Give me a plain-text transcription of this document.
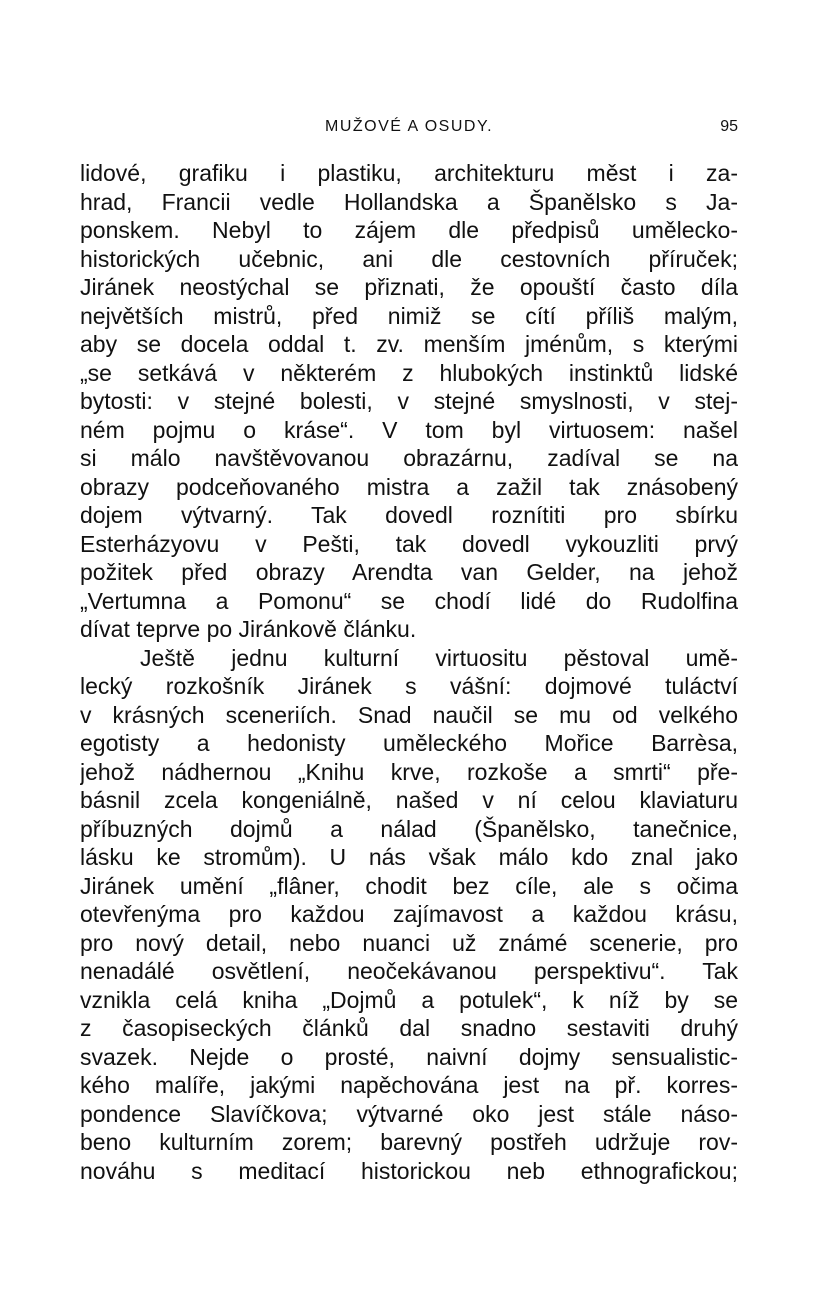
MUŽOVÉ A OSUDY.	95
lidové, grafiku i plastiku, architekturu měst i za-
hrad, Francii vedle Hollandska a Španělsko s Ja-
ponskem. Nebyl to zájem dle předpisů umělecko-
historických učebnic, ani dle cestovních příruček;
Jiránek neostýchal se přiznati, že opouští často díla
největších mistrů, před nimiž se cítí příliš malým,
aby se docela oddal t. zv. menším jménům, s kterými
„se setkává v některém z hlubokých instinktů lidské
bytosti: v stejné bolesti, v stejné smyslnosti, v stej-
ném pojmu o kráse“. V tom byl virtuosem: našel
si málo navštěvovanou obrazárnu, zadíval se na
obrazy podceňovaného mistra a zažil tak znásobený
dojem výtvarný. Tak dovedl roznítiti pro sbírku
Esterházyovu v Pešti, tak dovedl vykouzliti prvý
požitek před obrazy Arendta van Gelder, na jehož
„Vertumna a Pomonu“ se chodí lidé do Rudolfina
dívat teprve po Jiránkově článku.
Ještě jednu kulturní virtuositu pěstoval umě-
lecký rozkošník Jiránek s vášní: dojmové tuláctví
v krásných sceneriích. Snad naučil se mu od velkého
egotisty a hedonisty uměleckého Mořice Barrèsa,
jehož nádhernou „Knihu krve, rozkoše a smrti“ pře-
básnil zcela kongeniálně, našed v ní celou klaviaturu
příbuzných dojmů a nálad (Španělsko, tanečnice,
lásku ke stromům). U nás však málo kdo znal jako
Jiránek umění „flâner, chodit bez cíle, ale s očima
otevřenýma pro každou zajímavost a každou krásu,
pro nový detail, nebo nuanci už známé scenerie, pro
nenadálé osvětlení, neočekávanou perspektivu“. Tak
vznikla celá kniha „Dojmů a potulek“, k níž by se
z časopiseckých článků dal snadno sestaviti druhý
svazek. Nejde o prosté, naivní dojmy sensualistic-
kého malíře, jakými napěchována jest na př. korres-
pondence Slavíčkova; výtvarné oko jest stále náso-
beno kulturním zorem; barevný postřeh udržuje rov-
nováhu s meditací historickou neb ethnografickou;
